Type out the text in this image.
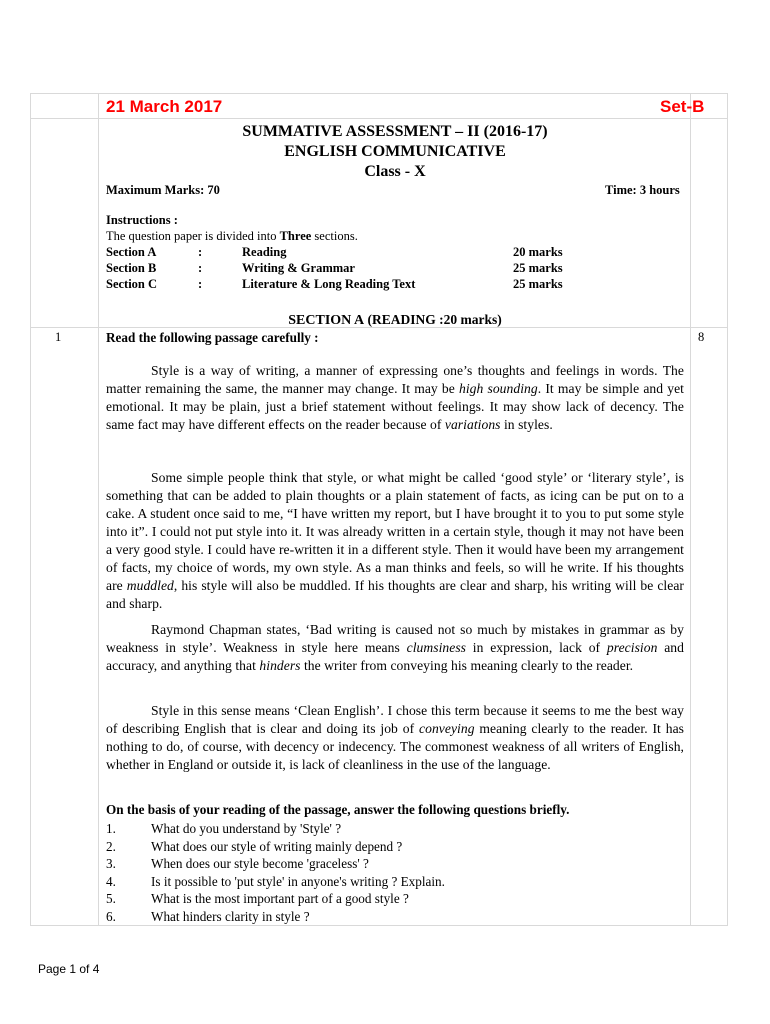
21 March 2017	Set-B
SUMMATIVE ASSESSMENT – II (2016-17)
ENGLISH COMMUNICATIVE
Class - X
Maximum Marks: 70	Time: 3 hours
Instructions :
The question paper is divided into Three sections.
Section A	:	Reading	20 marks
Section B	:	Writing & Grammar	25 marks
Section C	:	Literature & Long Reading Text	25 marks
SECTION A (READING :20 marks)
1	Read the following passage carefully :	8

Style is a way of writing, a manner of expressing one’s thoughts and feelings in words. The matter remaining the same, the manner may change. It may be high sounding. It may be simple and yet emotional. It may be plain, just a brief statement without feelings. It may show lack of decency. The same fact may have different effects on the reader because of variations in styles.

Some simple people think that style, or what might be called ‘good style’ or ‘literary style’, is something that can be added to plain thoughts or a plain statement of facts, as icing can be put on to a cake. A student once said to me, “I have written my report, but I have brought it to you to put some style into it”. I could not put style into it. It was already written in a certain style, though it may not have been a very good style. I could have re-written it in a different style. Then it would have been my arrangement of facts, my choice of words, my own style. As a man thinks and feels, so will he write. If his thoughts are muddled, his style will also be muddled. If his thoughts are clear and sharp, his writing will be clear and sharp.

Raymond Chapman states, ‘Bad writing is caused not so much by mistakes in grammar as by weakness in style’. Weakness in style here means clumsiness in expression, lack of precision and accuracy, and anything that hinders the writer from conveying his meaning clearly to the reader.

Style in this sense means ‘Clean English’. I chose this term because it seems to me the best way of describing English that is clear and doing its job of conveying meaning clearly to the reader. It has nothing to do, of course, with decency or indecency. The commonest weakness of all writers of English, whether in England or outside it, is lack of cleanliness in the use of the language.

On the basis of your reading of the passage, answer the following questions briefly.
1.	What do you understand by 'Style' ?
2.	What does our style of writing mainly depend ?
3.	When does our style become 'graceless' ?
4.	Is it possible to 'put style' in anyone's writing ? Explain.
5.	What is the most important part of a good style ?
6.	What hinders clarity in style ?
Page 1 of 4
